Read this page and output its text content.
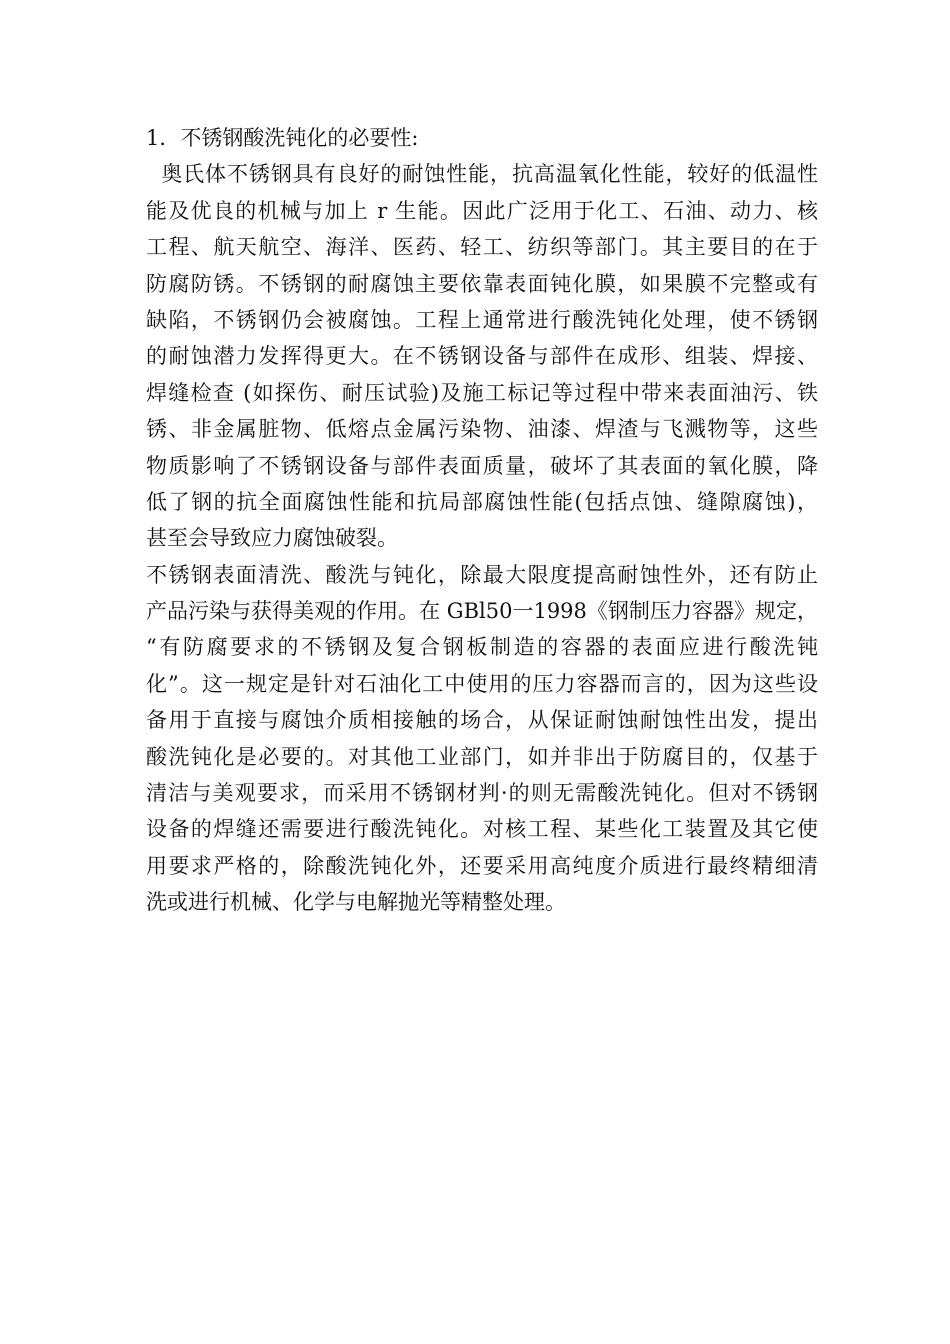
1．不锈钢酸洗钝化的必要性:
奥氏体不锈钢具有良好的耐蚀性能，抗高温氧化性能，较好的低温性
能及优良的机械与加上 r 生能。因此广泛用于化工、石油、动力、核
工程、航天航空、海洋、医药、轻工、纺织等部门。其主要目的在于
防腐防锈。不锈钢的耐腐蚀主要依靠表面钝化膜，如果膜不完整或有
缺陷，不锈钢仍会被腐蚀。工程上通常进行酸洗钝化处理，使不锈钢
的耐蚀潜力发挥得更大。在不锈钢设备与部件在成形、组装、焊接、
焊缝检查 (如探伤、耐压试验)及施工标记等过程中带来表面油污、铁
锈、非金属脏物、低熔点金属污染物、油漆、焊渣与飞溅物等，这些
物质影响了不锈钢设备与部件表面质量，破坏了其表面的氧化膜，降
低了钢的抗全面腐蚀性能和抗局部腐蚀性能(包括点蚀、缝隙腐蚀)，
甚至会导致应力腐蚀破裂。
不锈钢表面清洗、酸洗与钝化，除最大限度提高耐蚀性外，还有防止
产品污染与获得美观的作用。在 GBl50一1998《钢制压力容器》规定，
“有防腐要求的不锈钢及复合钢板制造的容器的表面应进行酸洗钝
化”。这一规定是针对石油化工中使用的压力容器而言的，因为这些设
备用于直接与腐蚀介质相接触的场合，从保证耐蚀耐蚀性出发，提出
酸洗钝化是必要的。对其他工业部门，如并非出于防腐目的，仅基于
清洁与美观要求，而采用不锈钢材判·的则无需酸洗钝化。但对不锈钢
设备的焊缝还需要进行酸洗钝化。对核工程、某些化工装置及其它使
用要求严格的，除酸洗钝化外，还要采用高纯度介质进行最终精细清
洗或进行机械、化学与电解抛光等精整处理。
